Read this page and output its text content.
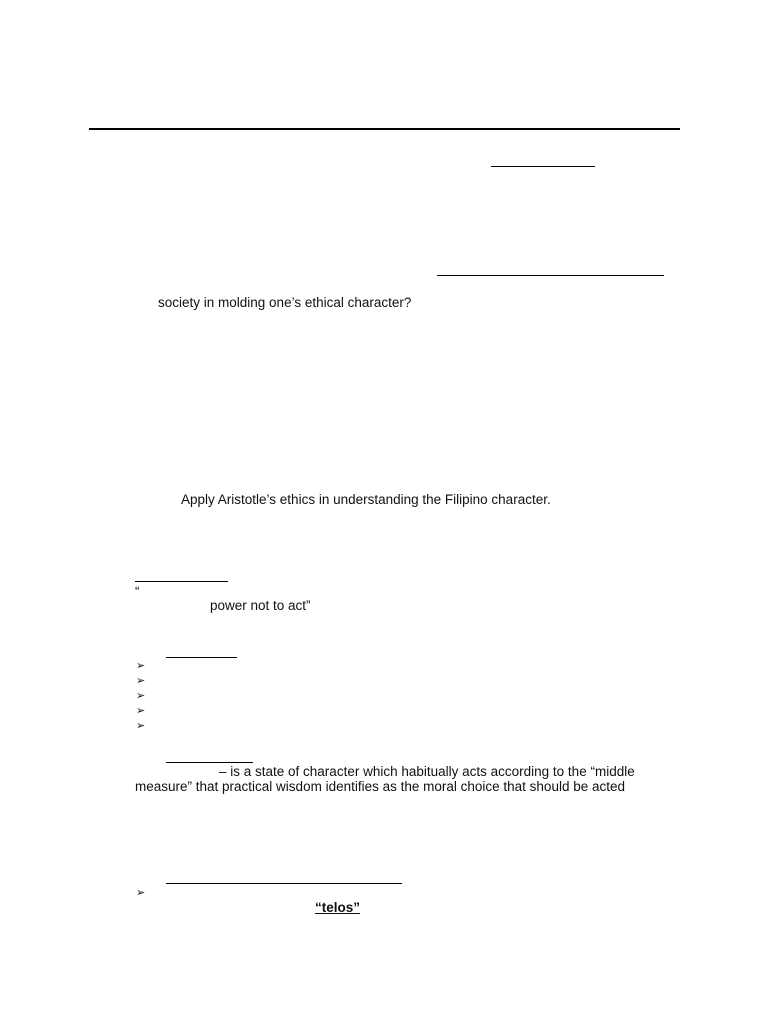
society in molding one’s ethical character?
Apply Aristotle’s ethics in understanding the Filipino character.
“
power not to act”
➢
➢
➢
➢
➢
– is a state of character which habitually acts according to the “middle
measure” that practical wisdom identifies as the moral choice that should be acted
➢
“telos”
